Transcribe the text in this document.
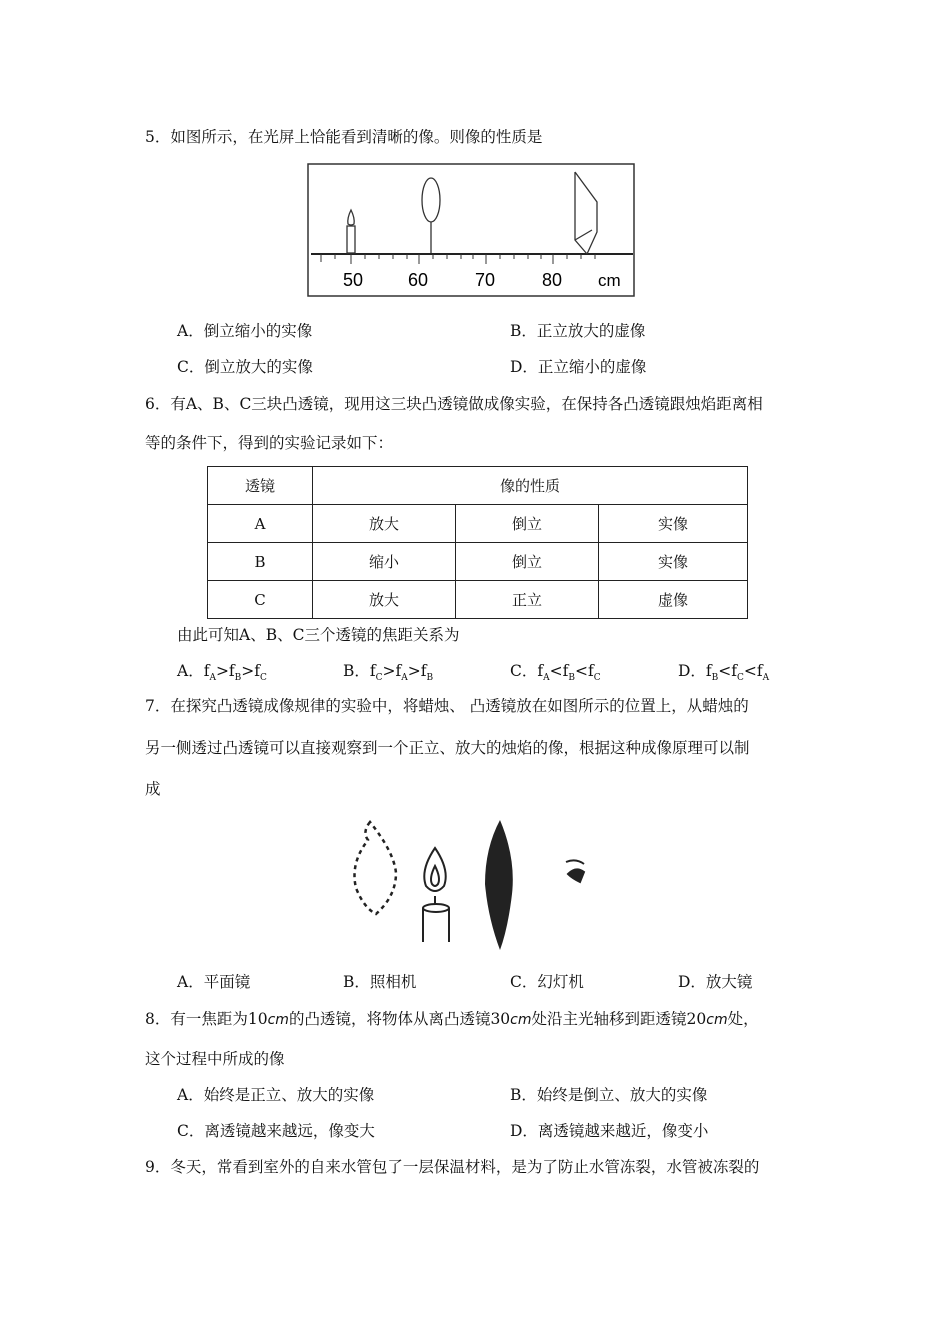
5．如图所示，在光屏上恰能看到清晰的像。则像的性质是
50 60	70	80 cm
A．倒立缩小的实像	B．正立放大的虚像
C．倒立放大的实像	D．正立缩小的虚像
6．有A、B、C三块凸透镜，现用这三块凸透镜做成像实验，在保持各凸透镜跟烛焰距离相
等的条件下，得到的实验记录如下：
透镜	像的性质		
A	放大	倒立	实像
B	缩小	倒立	实像
C	放大	正立	虚像
由此可知A、B、C三个透镜的焦距关系为
A．$f_A>f_B>f_C$	B．$f_C>f_A>f_B$	C．$f_A<f_B<f_C$	D．$f_B<f_C<f_A$
7．在探究凸透镜成像规律的实验中，将蜡烛、 凸透镜放在如图所示的位置上，从蜡烛的
另一侧透过凸透镜可以直接观察到一个正立、放大的烛焰的像，根据这种成像原理可以制
成
A．平面镜	B．照相机	C．幻灯机	D．放大镜
8．有一焦距为10cm的凸透镜，将物体从离凸透镜30cm处沿主光轴移到距透镜20cm处，
这个过程中所成的像
A．始终是正立、放大的实像	B．始终是倒立、放大的实像
C．离透镜越来越远，像变大	D．离透镜越来越近，像变小
9．冬天，常看到室外的自来水管包了一层保温材料，是为了防止水管冻裂，水管被冻裂的
